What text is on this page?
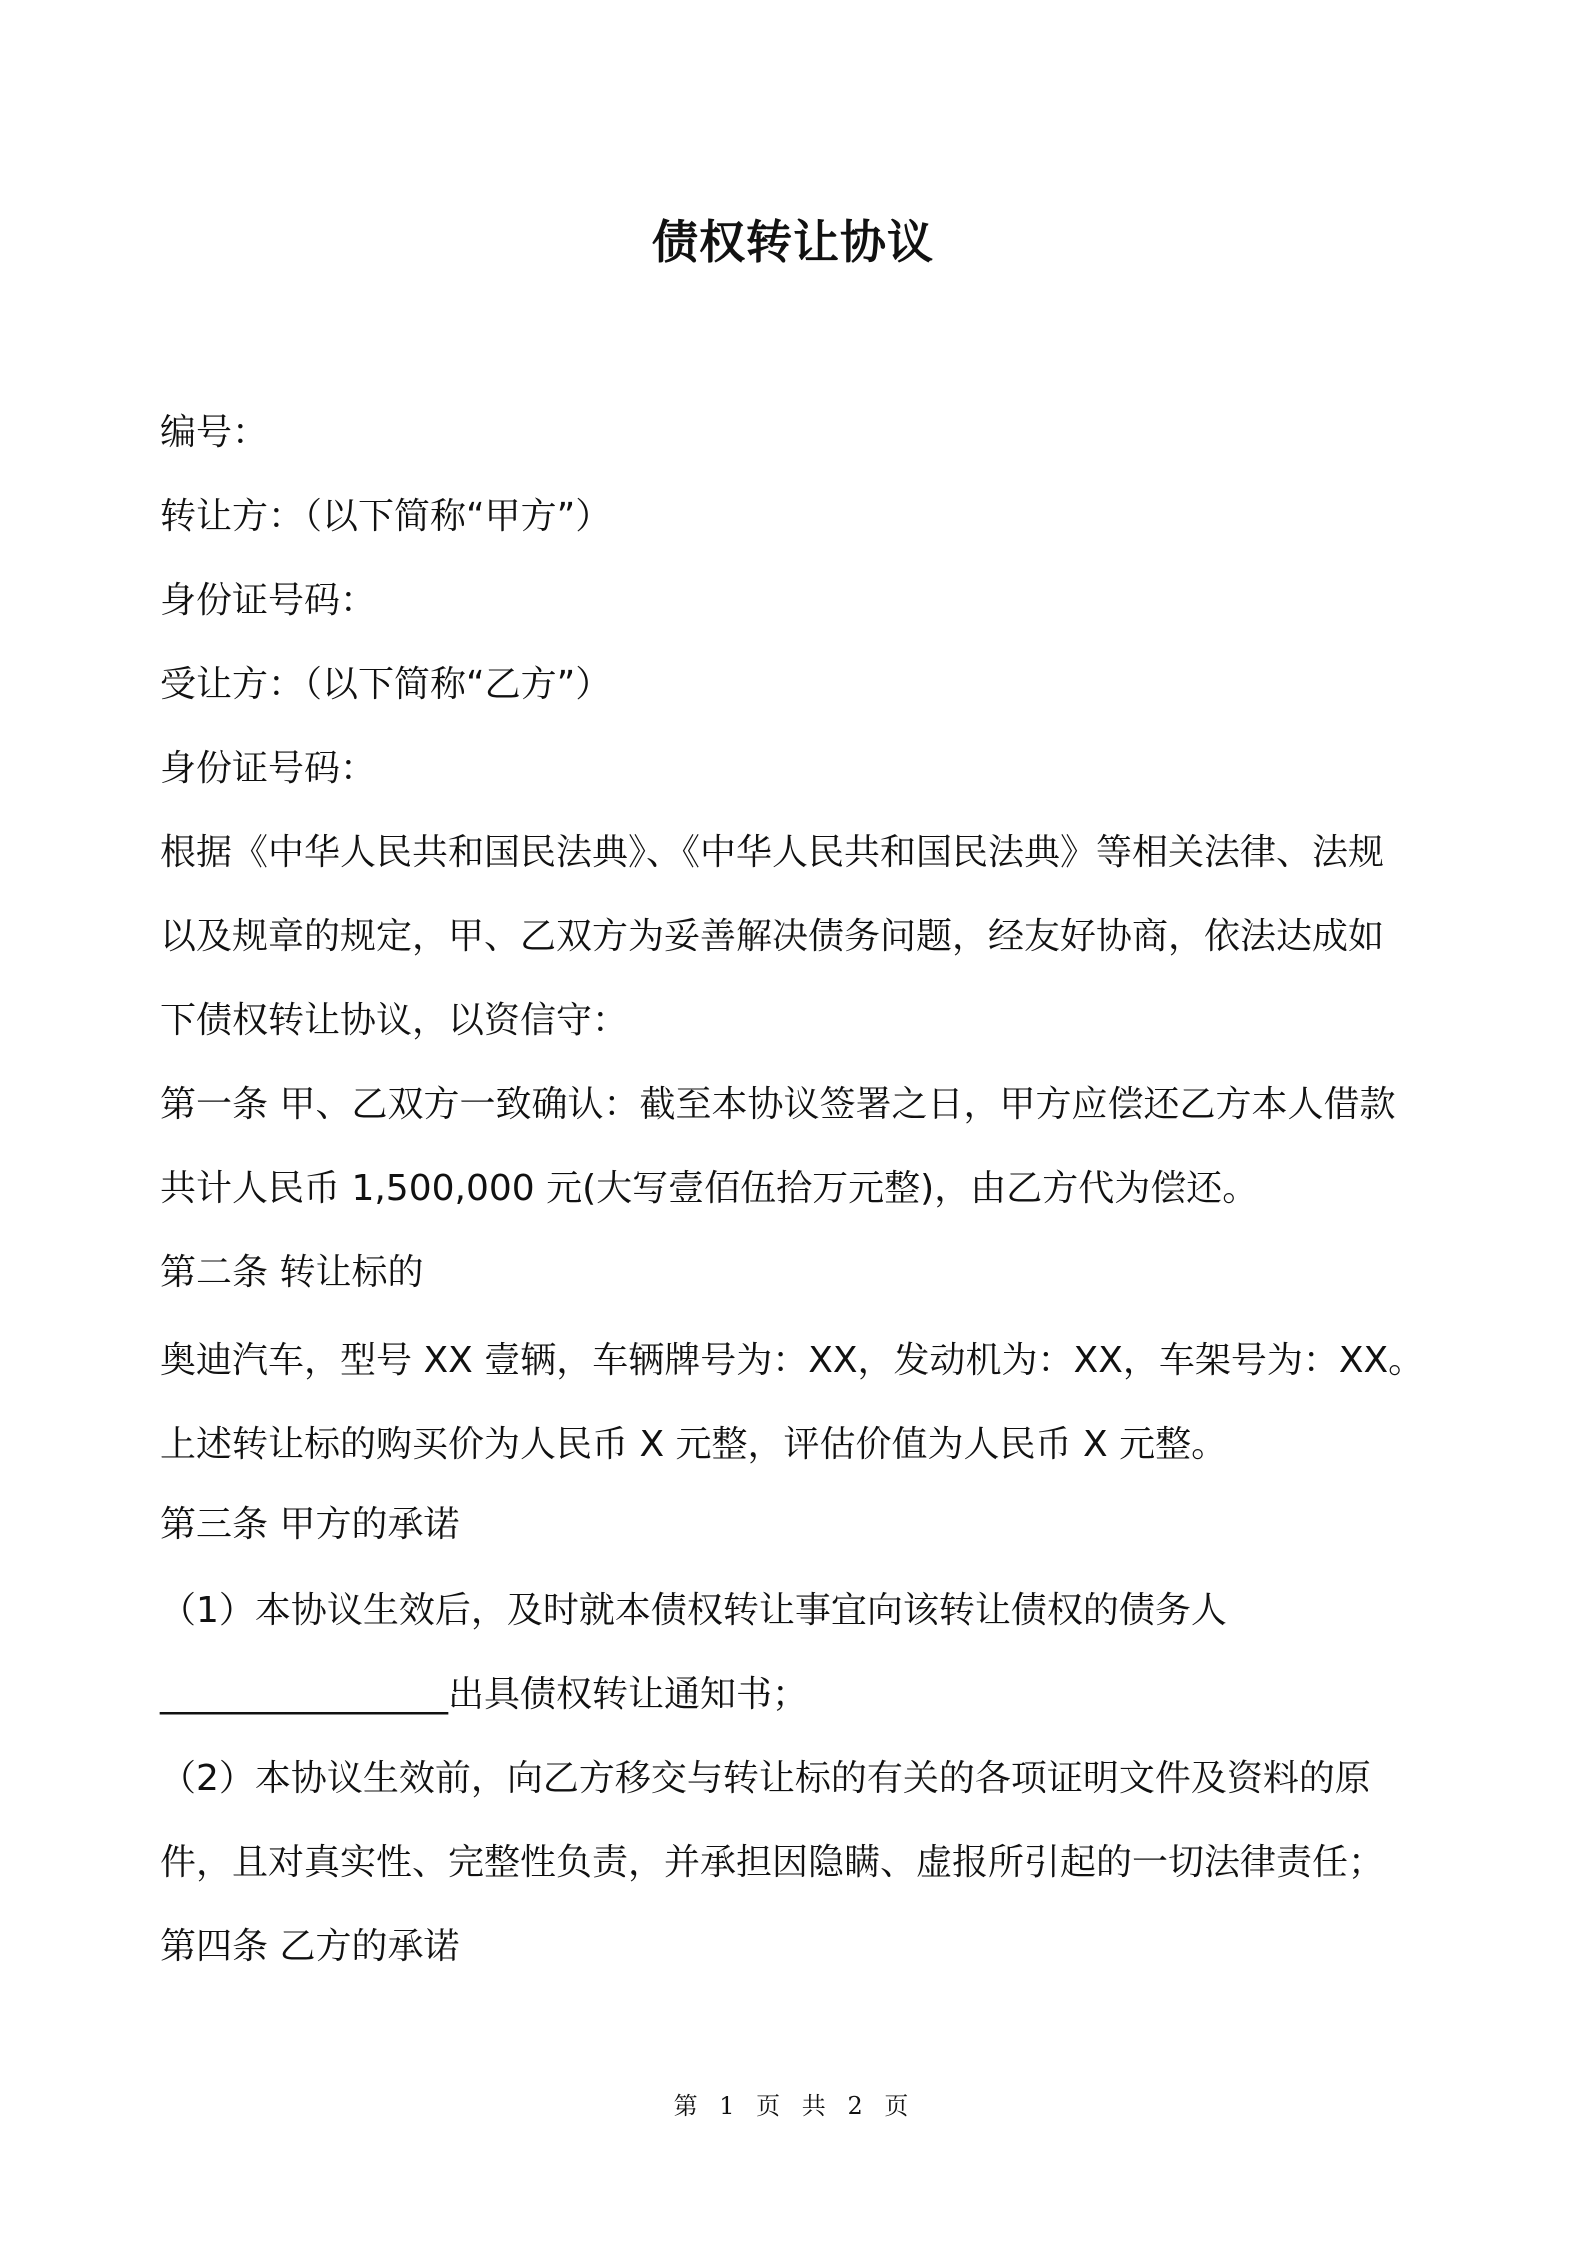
债权转让协议
编号：
转让方：（以下简称“甲方”）
身份证号码：
受让方：（以下简称“乙方”）
身份证号码：
根据《中华人民共和国民法典》、《中华人民共和国民法典》等相关法律、法规
以及规章的规定，甲、乙双方为妥善解决债务问题，经友好协商，依法达成如
下债权转让协议，以资信守：
第一条 甲、乙双方一致确认：截至本协议签署之日，甲方应偿还乙方本人借款
共计人民币 1,500,000 元(大写壹佰伍拾万元整)，由乙方代为偿还。
第二条 转让标的
奥迪汽车，型号 XX 壹辆，车辆牌号为：XX，发动机为：XX，车架号为：XX。
上述转让标的购买价为人民币 X 元整，评估价值为人民币 X 元整。
第三条 甲方的承诺
（1）本协议生效后，及时就本债权转让事宜向该转让债权的债务人
________________出具债权转让通知书；
（2）本协议生效前，向乙方移交与转让标的有关的各项证明文件及资料的原
件，且对真实性、完整性负责，并承担因隐瞒、虚报所引起的一切法律责任；
第四条 乙方的承诺
第 1 页 共 2 页
